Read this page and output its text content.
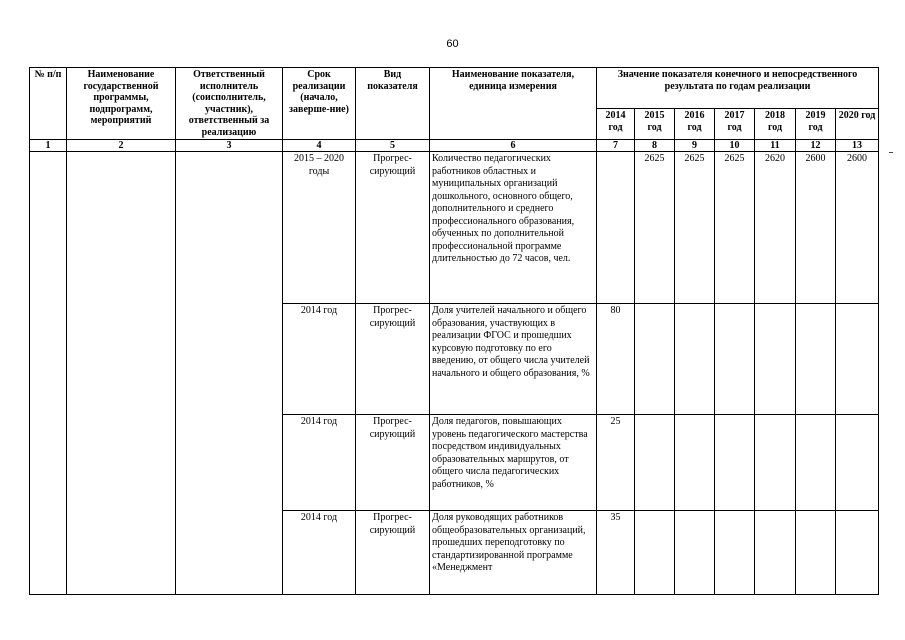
60
№ п/п	Наименование государственной программы, подпрограмм, мероприятий	Ответственный исполнитель (соисполнитель, участник), ответственный за реализацию	Срок реализации (начало, заверше-ние)	Вид показателя	Наименование показателя, единица измерения	Значение показателя конечного и непосредственного результата по годам реализации						
						2014 год	2015 год	2016 год	2017 год	2018 год	2019 год	2020 год
1	2	3	4	5	6	7	8	9	10	11	12	13
			2015 – 2020 годы	Прогрес-сирующий	Количество педагогических работников областных и муниципальных организаций дошкольного, основного общего, дополнительного и среднего профессионального образования, обученных по дополнительной профессиональной программе длительностью до 72 часов, чел.		2625	2625	2625	2620	2600	2600
			2014 год	Прогрес-сирующий	Доля учителей начального и общего образования, участвующих в реализации ФГОС и прошедших курсовую подготовку по его введению, от общего числа учителей начального и общего образования, %	80						
			2014 год	Прогрес-сирующий	Доля педагогов, повышающих уровень педагогического мастерства посредством индивидуальных образовательных маршрутов, от общего числа педагогических работников, %	25						
			2014 год	Прогрес-сирующий	Доля руководящих работников общеобразовательных организаций, прошедших переподготовку по стандартизированной программе «Менеджмент	35						
